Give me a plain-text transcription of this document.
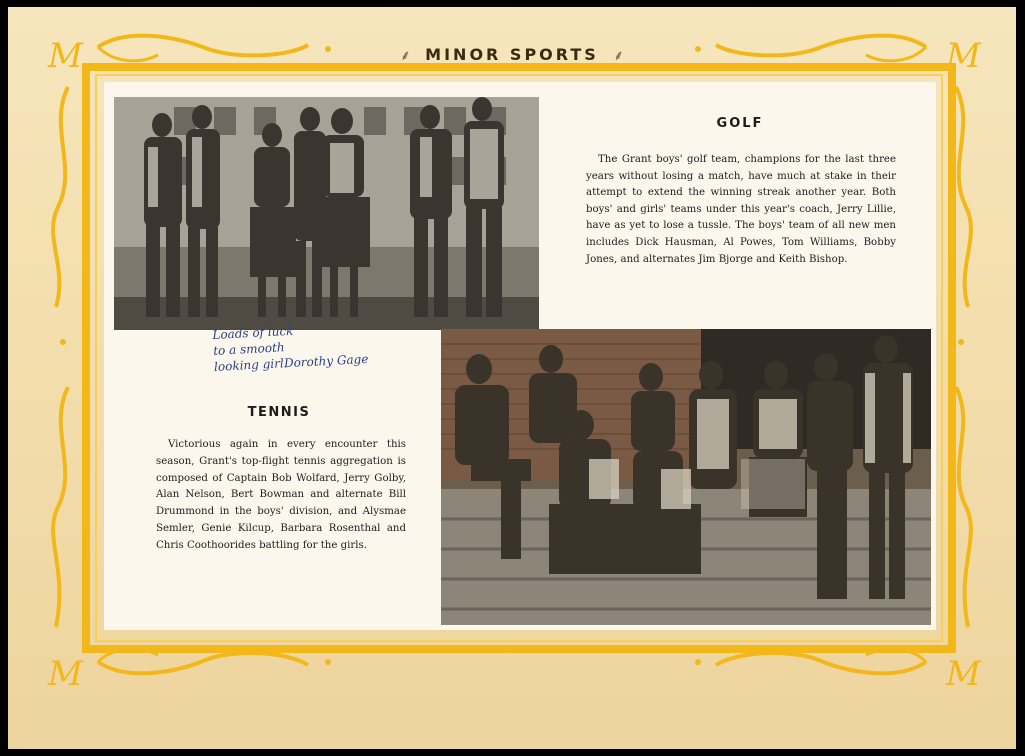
M	M
M	M
⸙ MINOR SPORTS ⸙
GOLF
The Grant boys' golf team, champions for the last three years without losing a match, have much at stake in their attempt to extend the winning streak another year. Both boys' and girls' teams under this year's coach, Jerry Lillie, have as yet to lose a tussle. The boys' team of all new men includes Dick Hausman, Al Powes, Tom Williams, Bobby Jones, and alternates Jim Bjorge and Keith Bishop.
Loads of luck
to a smooth
looking girl.
Dorothy Gage
TENNIS
Victorious again in every encounter this season, Grant's top-flight tennis aggregation is composed of Captain Bob Wolfard, Jerry Golby, Alan Nelson, Bert Bowman and alternate Bill Drummond in the boys' division, and Alysmae Semler, Genie Kilcup, Barbara Rosenthal and Chris Coothoorides battling for the girls.
